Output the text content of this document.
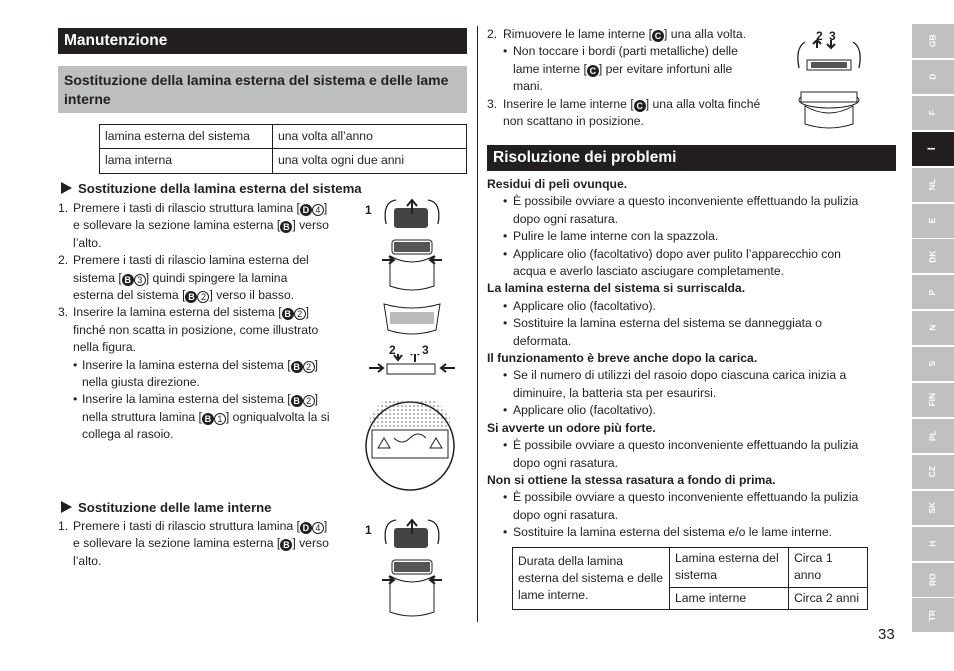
Manutenzione
Sostituzione della lamina esterna del sistema e delle lame interne
lamina esterna del sistema	una volta all’anno
lama interna	una volta ogni due anni
Sostituzione della lamina esterna del sistema
1. Premere i tasti di rilascio struttura lamina [ D 4 ]
e sollevare la sezione lamina esterna [ B ] verso
l’alto.
2. Premere i tasti di rilascio lamina esterna del
sistema [ B 3 ] quindi spingere la lamina
esterna del sistema [ B 2 ] verso il basso.
3. Inserire la lamina esterna del sistema [ B 2 ]
finché non scatta in posizione, come illustrato
nella figura.
• Inserire la lamina esterna del sistema [ B 2 ]
nella giusta direzione.
• Inserire la lamina esterna del sistema [ B 2 ]
nella struttura lamina [ B 1 ] ogniqualvolta la si
collega al rasoio.
Sostituzione delle lame interne
1. Premere i tasti di rilascio struttura lamina [ D 4 ]
e sollevare la sezione lamina esterna [ B ] verso
l’alto.
1
2 3
1
2. Rimuovere le lame interne [ C ] una alla volta.
• Non toccare i bordi (parti metalliche) delle
lame interne [ C ] per evitare infortuni alle
mani.
3. Inserire le lame interne [ C ] una alla volta finché
non scattano in posizione.
2 3
Risoluzione dei problemi
Residui di peli ovunque.
• È possibile ovviare a questo inconveniente effettuando la pulizia
dopo ogni rasatura.
• Pulire le lame interne con la spazzola.
• Applicare olio (facoltativo) dopo aver pulito l’apparecchio con
acqua e averlo lasciato asciugare completamente.
La lamina esterna del sistema si surriscalda.
• Applicare olio (facoltativo).
• Sostituire la lamina esterna del sistema se danneggiata o
deformata.
Il funzionamento è breve anche dopo la carica.
• Se il numero di utilizzi del rasoio dopo ciascuna carica inizia a
diminuire, la batteria sta per esaurirsi.
• Applicare olio (facoltativo).
Si avverte un odore più forte.
• È possibile ovviare a questo inconveniente effettuando la pulizia
dopo ogni rasatura.
Non si ottiene la stessa rasatura a fondo di prima.
• È possibile ovviare a questo inconveniente effettuando la pulizia
dopo ogni rasatura.
• Sostituire la lamina esterna del sistema e/o le lame interne.
Durata della lamina esterna del sistema e delle lame interne.	Lamina esterna del sistema	Circa 1 anno
	Lame interne	Circa 2 anni
GB
D
F
I
NL
E
DK
P
N
S
FIN
PL
CZ
SK
H
RO
TR
33
